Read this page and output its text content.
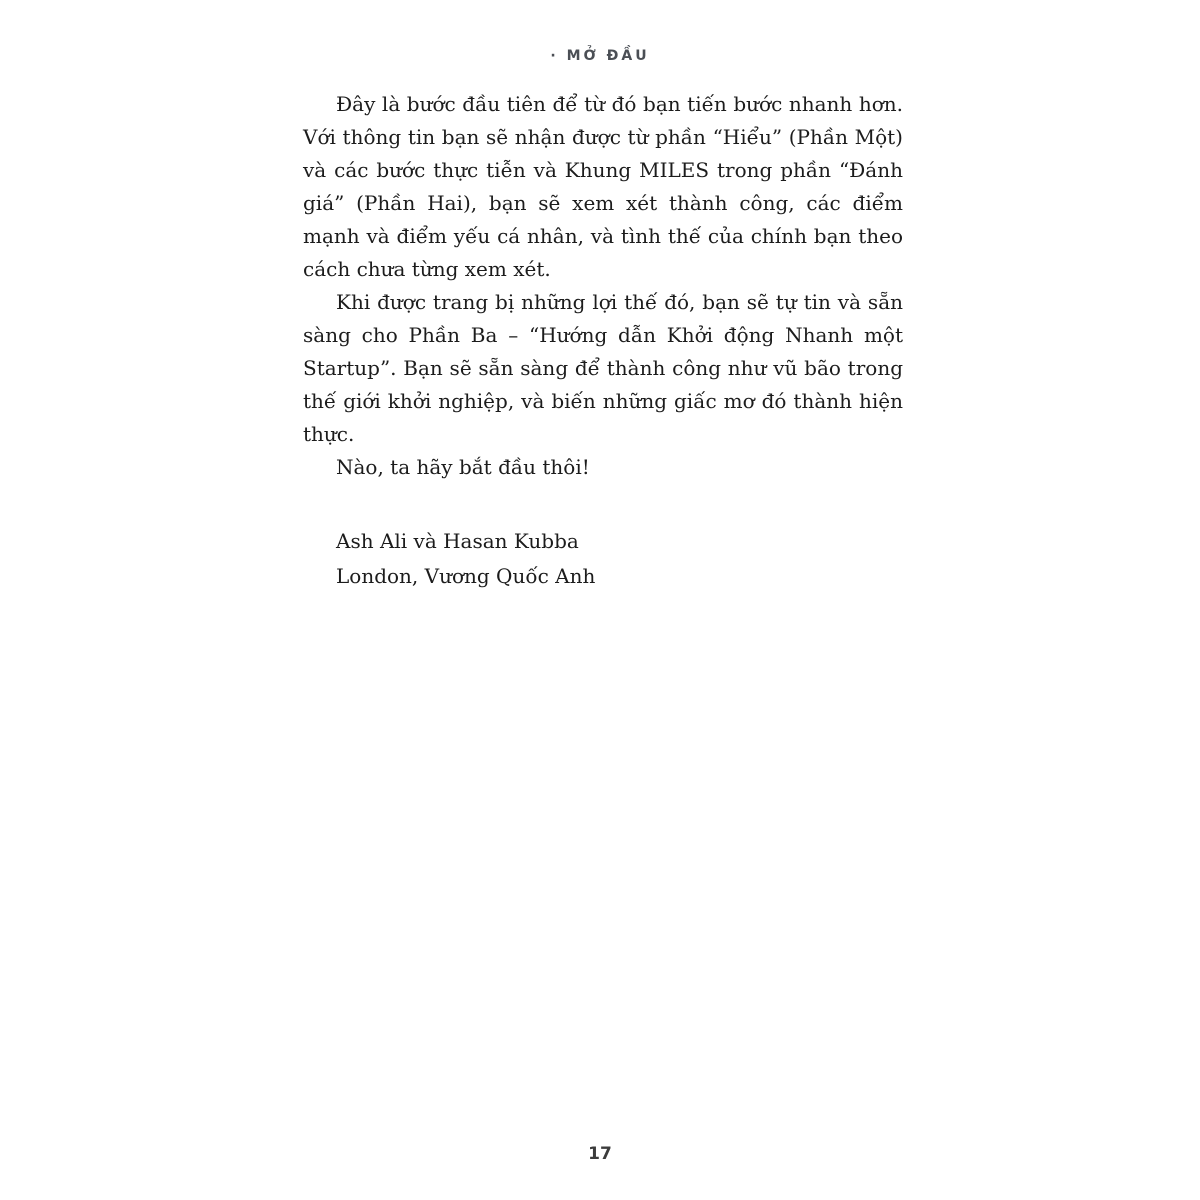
· MỞ ĐẦU

Đây là bước đầu tiên để từ đó bạn tiến bước nhanh hơn. Với thông tin bạn sẽ nhận được từ phần “Hiểu” (Phần Một) và các bước thực tiễn và Khung MILES trong phần “Đánh giá” (Phần Hai), bạn sẽ xem xét thành công, các điểm mạnh và điểm yếu cá nhân, và tình thế của chính bạn theo cách chưa từng xem xét.

Khi được trang bị những lợi thế đó, bạn sẽ tự tin và sẵn sàng cho Phần Ba – “Hướng dẫn Khởi động Nhanh một Startup”. Bạn sẽ sẵn sàng để thành công như vũ bão trong thế giới khởi nghiệp, và biến những giấc mơ đó thành hiện thực.

Nào, ta hãy bắt đầu thôi!

Ash Ali và Hasan Kubba

London, Vương Quốc Anh

17
